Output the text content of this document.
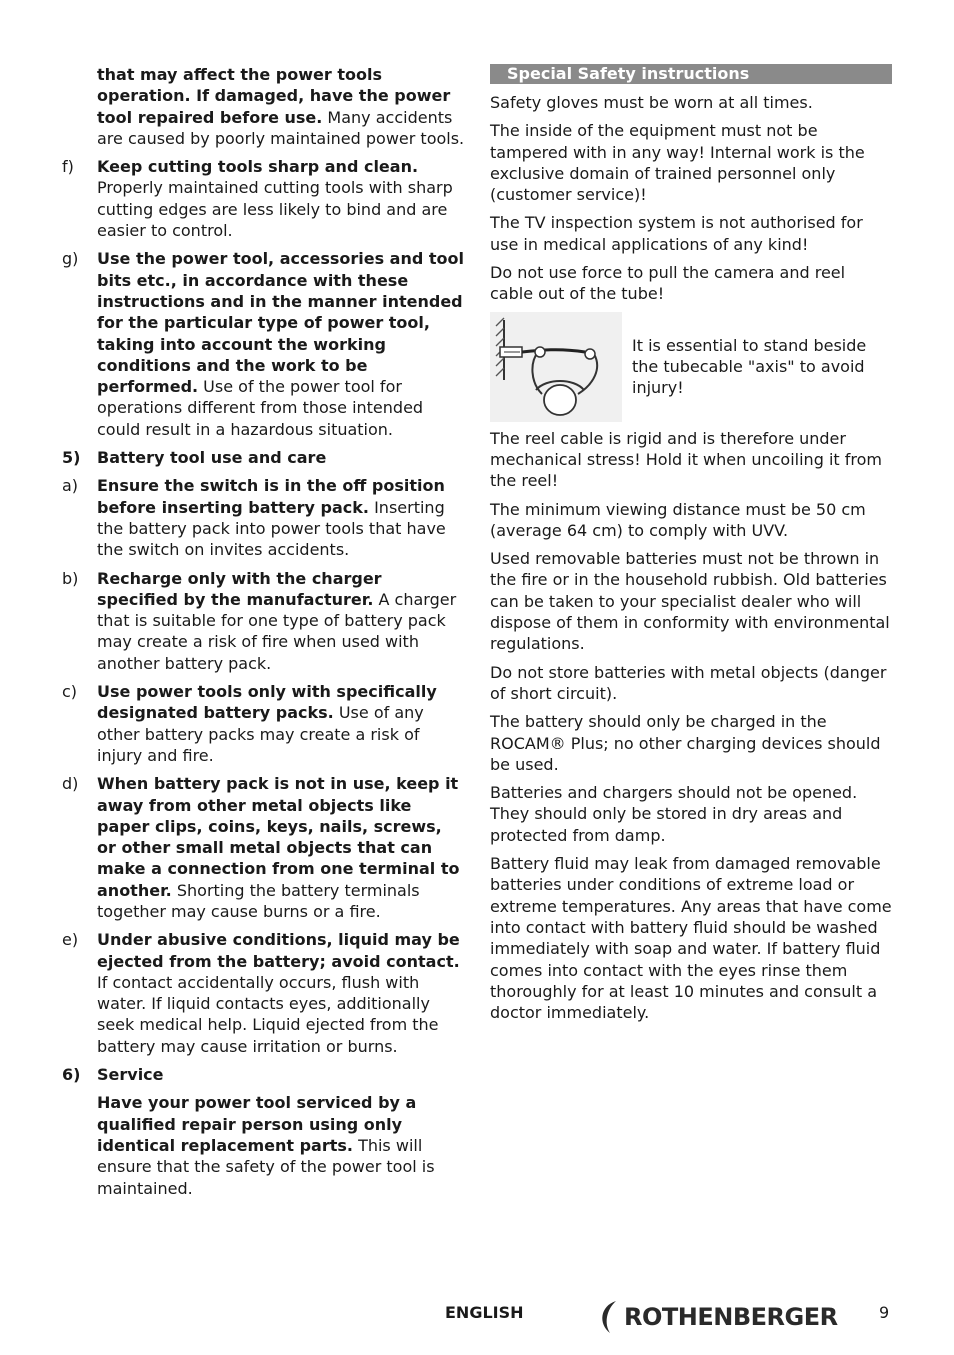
that may affect the power tools operation. If damaged, have the power tool repaired before use. Many accidents are caused by poorly maintained power tools.
f) Keep cutting tools sharp and clean. Properly maintained cutting tools with sharp cutting edges are less likely to bind and are easier to control.
g) Use the power tool, accessories and tool bits etc., in accordance with these instructions and in the manner intended for the particular type of power tool, taking into account the working conditions and the work to be performed. Use of the power tool for operations different from those intended could result in a hazardous situation.
5) Battery tool use and care
a) Ensure the switch is in the off position before inserting battery pack. Inserting the battery pack into power tools that have the switch on invites accidents.
b) Recharge only with the charger specified by the manufacturer. A charger that is suitable for one type of battery pack may create a risk of fire when used with another battery pack.
c) Use power tools only with specifically designated battery packs. Use of any other battery packs may create a risk of injury and fire.
d) When battery pack is not in use, keep it away from other metal objects like paper clips, coins, keys, nails, screws, or other small metal objects that can make a connection from one terminal to another. Shorting the battery terminals together may cause burns or a fire.
e) Under abusive conditions, liquid may be ejected from the battery; avoid contact. If contact accidentally occurs, flush with water. If liquid contacts eyes, additionally seek medical help. Liquid ejected from the battery may cause irritation or burns.
6) Service
Have your power tool serviced by a qualified repair person using only identical replacement parts. This will ensure that the safety of the power tool is maintained.
Special Safety instructions

Safety gloves must be worn at all times.

The inside of the equipment must not be tampered with in any way! Internal work is the exclusive domain of trained personnel only (customer service)!

The TV inspection system is not authorised for use in medical applications of any kind!

Do not use force to pull the camera and reel cable out of the tube!

It is essential to stand beside the tubecable "axis" to avoid injury!

The reel cable is rigid and is therefore under mechanical stress! Hold it when uncoiling it from the reel!

The minimum viewing distance must be 50 cm (average 64 cm) to comply with UVV.

Used removable batteries must not be thrown in the fire or in the household rubbish. Old batteries can be taken to your specialist dealer who will dispose of them in conformity with environmental regulations.

Do not store batteries with metal objects (danger of short circuit).

The battery should only be charged in the ROCAM® Plus; no other charging devices should be used.

Batteries and chargers should not be opened. They should only be stored in dry areas and protected from damp.

Battery fluid may leak from damaged removable batteries under conditions of extreme load or extreme temperatures. Any areas that have come into contact with battery fluid should be washed immediately with soap and water. If battery fluid comes into contact with the eyes rinse them thoroughly for at least 10 minutes and consult a doctor immediately.

ENGLISH	ROTHENBERGER	9
